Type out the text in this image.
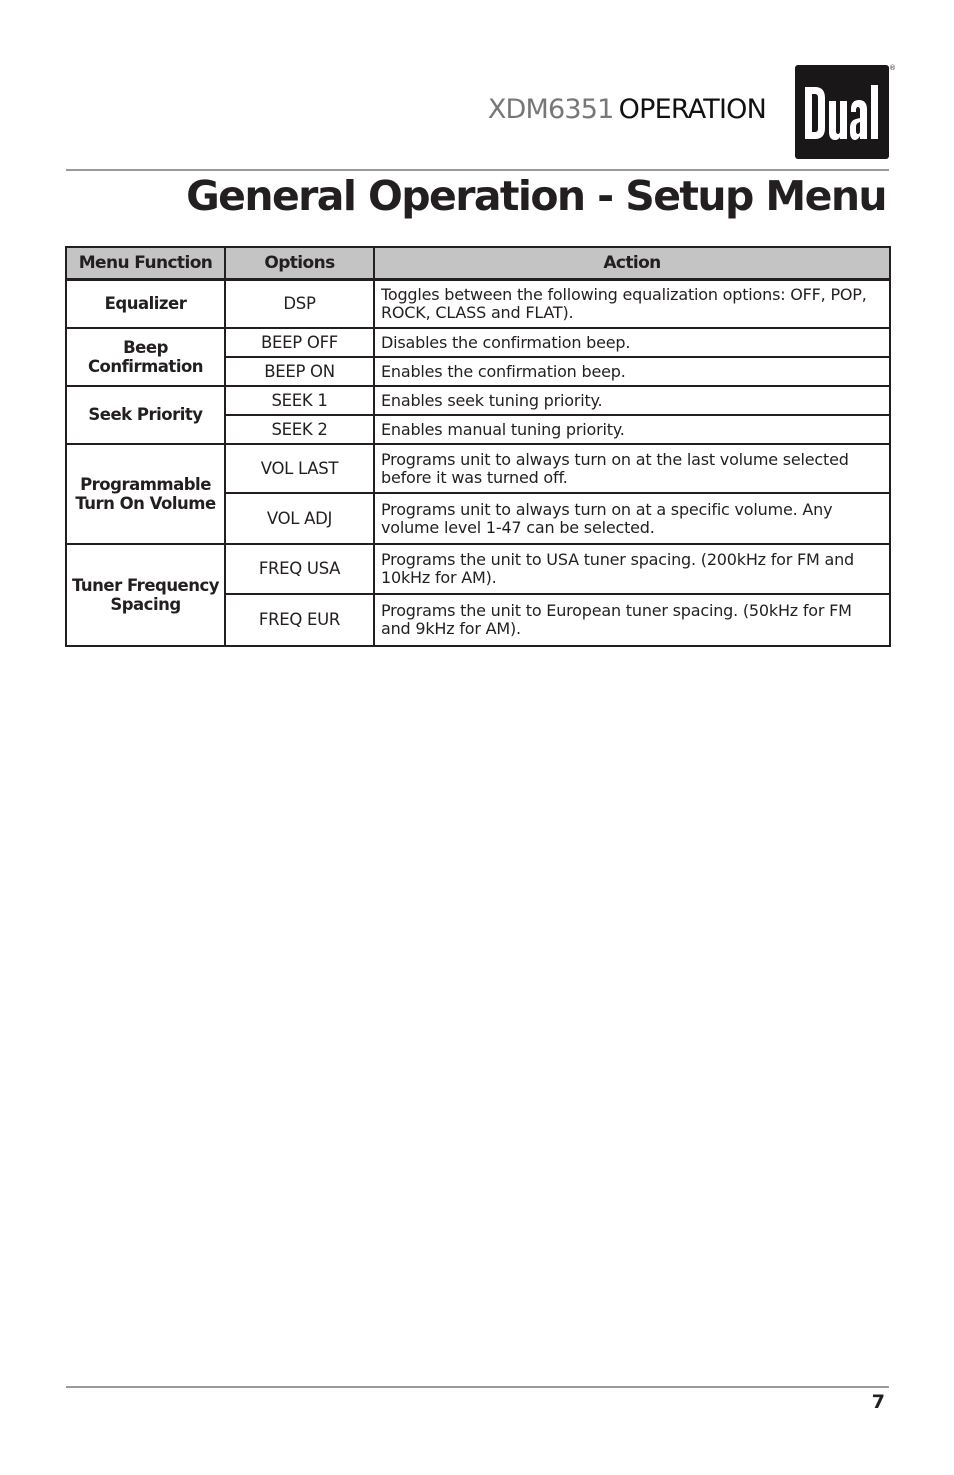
XDM6351 OPERATION
®
General Operation - Setup Menu
Menu Function	Options	Action
Equalizer	DSP	Toggles between the following equalization options: OFF, POP, ROCK, CLASS and FLAT).
Beep Confirmation	BEEP OFF	Disables the confirmation beep.
	BEEP ON	Enables the confirmation beep.
Seek Priority	SEEK 1	Enables seek tuning priority.
	SEEK 2	Enables manual tuning priority.
Programmable Turn On Volume	VOL LAST	Programs unit to always turn on at the last volume selected before it was turned off.
	VOL ADJ	Programs unit to always turn on at a specific volume. Any volume level 1-47 can be selected.
Tuner Frequency Spacing	FREQ USA	Programs the unit to USA tuner spacing. (200kHz for FM and 10kHz for AM).
	FREQ EUR	Programs the unit to European tuner spacing. (50kHz for FM and 9kHz for AM).
7
